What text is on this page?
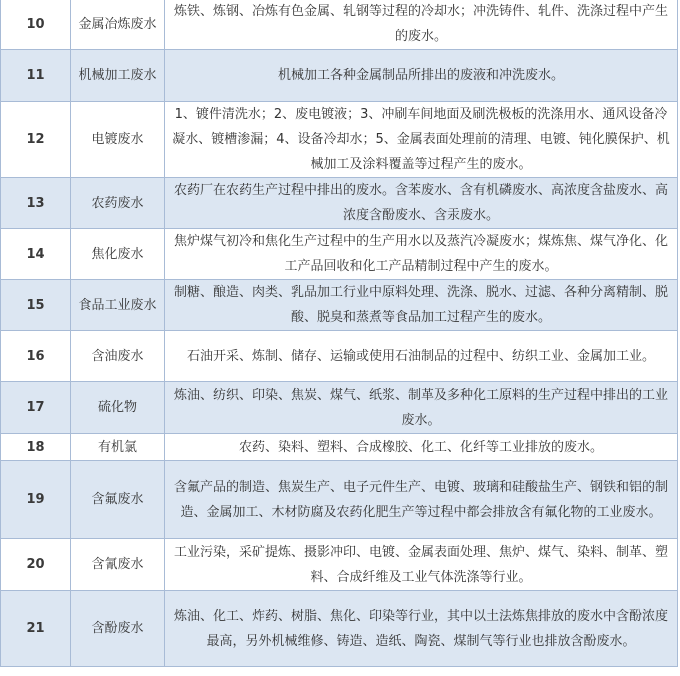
10	金属冶炼废水	炼铁、炼钢、冶炼有色金属、轧钢等过程的冷却水；冲洗铸件、轧件、洗涤过程中产生的废水。
11	机械加工废水	机械加工各种金属制品所排出的废液和冲洗废水。
12	电镀废水	1、镀件清洗水；2、废电镀液；3、冲刷车间地面及刷洗极板的洗涤用水、通风设备冷凝水、镀槽渗漏；4、设备冷却水；5、金属表面处理前的清理、电镀、钝化膜保护、机械加工及涂料覆盖等过程产生的废水。
13	农药废水	农药厂在农药生产过程中排出的废水。含苯废水、含有机磷废水、高浓度含盐废水、高浓度含酚废水、含汞废水。
14	焦化废水	焦炉煤气初冷和焦化生产过程中的生产用水以及蒸汽冷凝废水；煤炼焦、煤气净化、化工产品回收和化工产品精制过程中产生的废水。
15	食品工业废水	制糖、酿造、肉类、乳品加工行业中原料处理、洗涤、脱水、过滤、各种分离精制、脱酸、脱臭和蒸煮等食品加工过程产生的废水。
16	含油废水	石油开采、炼制、储存、运输或使用石油制品的过程中、纺织工业、金属加工业。
17	硫化物	炼油、纺织、印染、焦炭、煤气、纸浆、制革及多种化工原料的生产过程中排出的工业废水。
18	有机氯	农药、染料、塑料、合成橡胶、化工、化纤等工业排放的废水。
19	含氟废水	含氟产品的制造、焦炭生产、电子元件生产、电镀、玻璃和硅酸盐生产、钢铁和铝的制造、金属加工、木材防腐及农药化肥生产等过程中都会排放含有氟化物的工业废水。
20	含氰废水	工业污染，采矿提炼、摄影冲印、电镀、金属表面处理、焦炉、煤气、染料、制革、塑料、合成纤维及工业气体洗涤等行业。
21	含酚废水	炼油、化工、炸药、树脂、焦化、印染等行业，其中以土法炼焦排放的废水中含酚浓度最高，另外机械维修、铸造、造纸、陶瓷、煤制气等行业也排放含酚废水。
